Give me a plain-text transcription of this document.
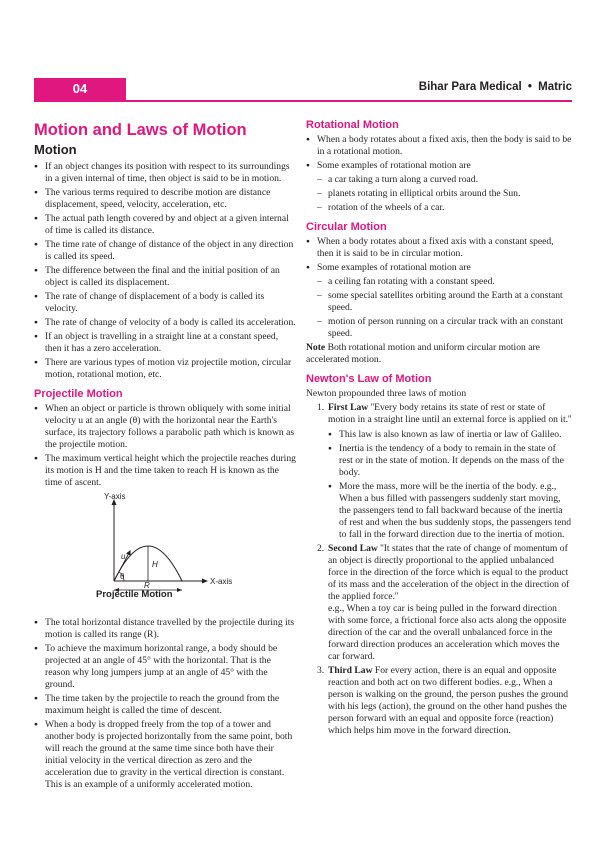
04	Bihar Para Medical • Matric
Motion and Laws of Motion
Motion
● If an object changes its position with respect to its surroundings in a given internal of time, then object is said to be in motion.
● The various terms required to describe motion are distance displacement, speed, velocity, acceleration, etc.
● The actual path length covered by and object at a given internal of time is called its distance.
● The time rate of change of distance of the object in any direction is called its speed.
● The difference between the final and the initial position of an object is called its displacement.
● The rate of change of displacement of a body is called its velocity.
● The rate of change of velocity of a body is called its acceleration.
● If an object is travelling in a straight line at a constant speed, then it has a zero acceleration.
● There are various types of motion viz projectile motion, circular motion, rotational motion, etc.
Projectile Motion
● When an object or particle is thrown obliquely with some initial velocity u at an angle (θ) with the horizontal near the Earth's surface, its trajectory follows a parabolic path which is known as the projectile motion.
● The maximum vertical height which the projectile reaches during its motion is H and the time taken to reach H is known as the time of ascent.
Y-axis
X-axis
u
H
θ
R
Projectile Motion
● The total horizontal distance travelled by the projectile during its motion is called its range (R).
● To achieve the maximum horizontal range, a body should be projected at an angle of 45° with the horizontal. That is the reason why long jumpers jump at an angle of 45° with the ground.
● The time taken by the projectile to reach the ground from the maximum height is called the time of descent.
● When a body is dropped freely from the top of a tower and another body is projected horizontally from the same point, both will reach the ground at the same time since both have their initial velocity in the vertical direction as zero and the acceleration due to gravity in the vertical direction is constant. This is an example of a uniformly accelerated motion.
Rotational Motion
● When a body rotates about a fixed axis, then the body is said to be in a rotational motion.
● Some examples of rotational motion are
– a car taking a turn along a curved road.
– planets rotating in elliptical orbits around the Sun.
– rotation of the wheels of a car.
Circular Motion
● When a body rotates about a fixed axis with a constant speed, then it is said to be in circular motion.
● Some examples of rotational motion are
– a ceiling fan rotating with a constant speed.
– some special satellites orbiting around the Earth at a constant speed.
– motion of person running on a circular track with an constant speed.

Note Both rotational motion and uniform circular motion are accelerated motion.

Newton's Law of Motion

Newton propounded three laws of motion

1. First Law ''Every body retains its state of rest or state of motion in a straight line until an external force is applied on it.''
● This law is also known as law of inertia or law of Galileo.
● Inertia is the tendency of a body to remain in the state of rest or in the state of motion. It depends on the mass of the body.
● More the mass, more will be the inertia of the body. e.g., When a bus filled with passengers suddenly start moving, the passengers tend to fall backward because of the inertia of rest and when the bus suddenly stops, the passengers tend to fall in the forward direction due to the inertia of motion.
2. Second Law ''It states that the rate of change of momentum of an object is directly proportional to the applied unbalanced force in the direction of the force which is equal to the product of its mass and the acceleration of the object in the direction of the applied force.''
e.g., When a toy car is being pulled in the forward direction with some force, a frictional force also acts along the opposite direction of the car and the overall unbalanced force in the forward direction produces an acceleration which moves the car forward.
3. Third Law For every action, there is an equal and opposite reaction and both act on two different bodies. e.g., When a person is walking on the ground, the person pushes the ground with his legs (action), the ground on the other hand pushes the person forward with an equal and opposite force (reaction) which helps him move in the forward direction.
